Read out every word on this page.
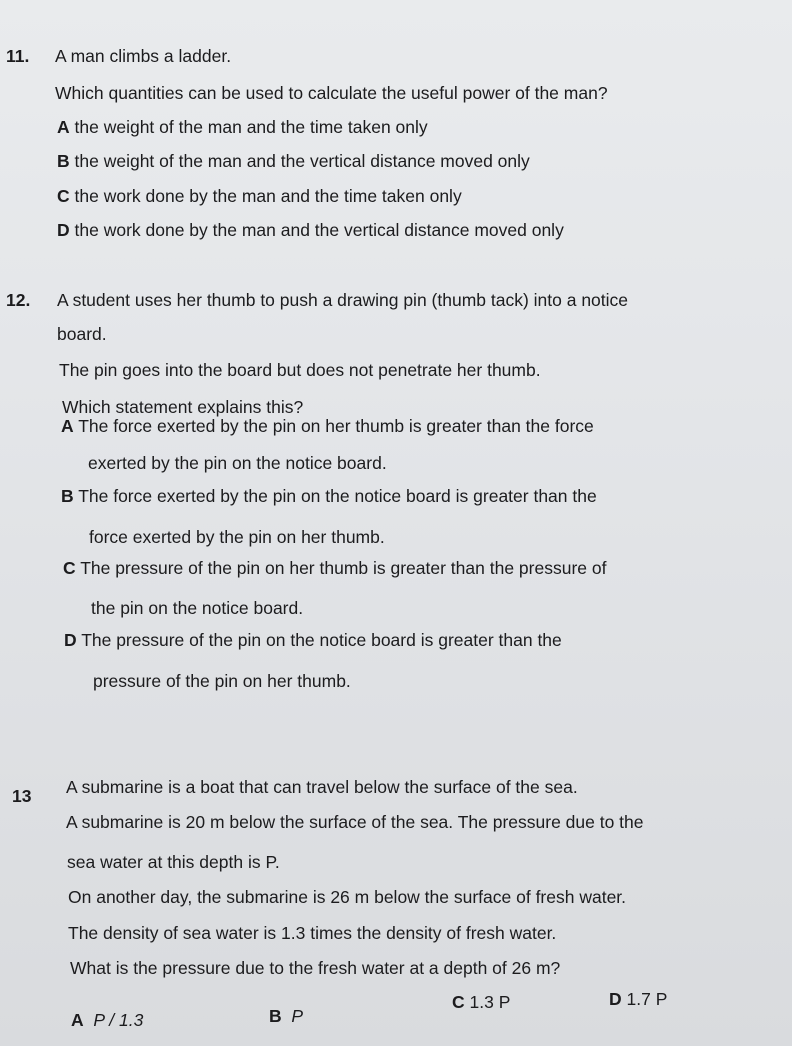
11. A man climbs a ladder.
Which quantities can be used to calculate the useful power of the man?
A the weight of the man and the time taken only
B the weight of the man and the vertical distance moved only
C the work done by the man and the time taken only
D the work done by the man and the vertical distance moved only
12. A student uses her thumb to push a drawing pin (thumb tack) into a notice
board.
The pin goes into the board but does not penetrate her thumb.
Which statement explains this?
A The force exerted by the pin on her thumb is greater than the force
exerted by the pin on the notice board.
B The force exerted by the pin on the notice board is greater than the
force exerted by the pin on her thumb.
C The pressure of the pin on her thumb is greater than the pressure of
the pin on the notice board.
D The pressure of the pin on the notice board is greater than the
pressure of the pin on her thumb.
13 A submarine is a boat that can travel below the surface of the sea.
A submarine is 20 m below the surface of the sea. The pressure due to the
sea water at this depth is P.
On another day, the submarine is 26 m below the surface of fresh water.
The density of sea water is 1.3 times the density of fresh water.
What is the pressure due to the fresh water at a depth of 26 m?
A P / 1.3	B P
C 1.3 P	D 1.7 P
